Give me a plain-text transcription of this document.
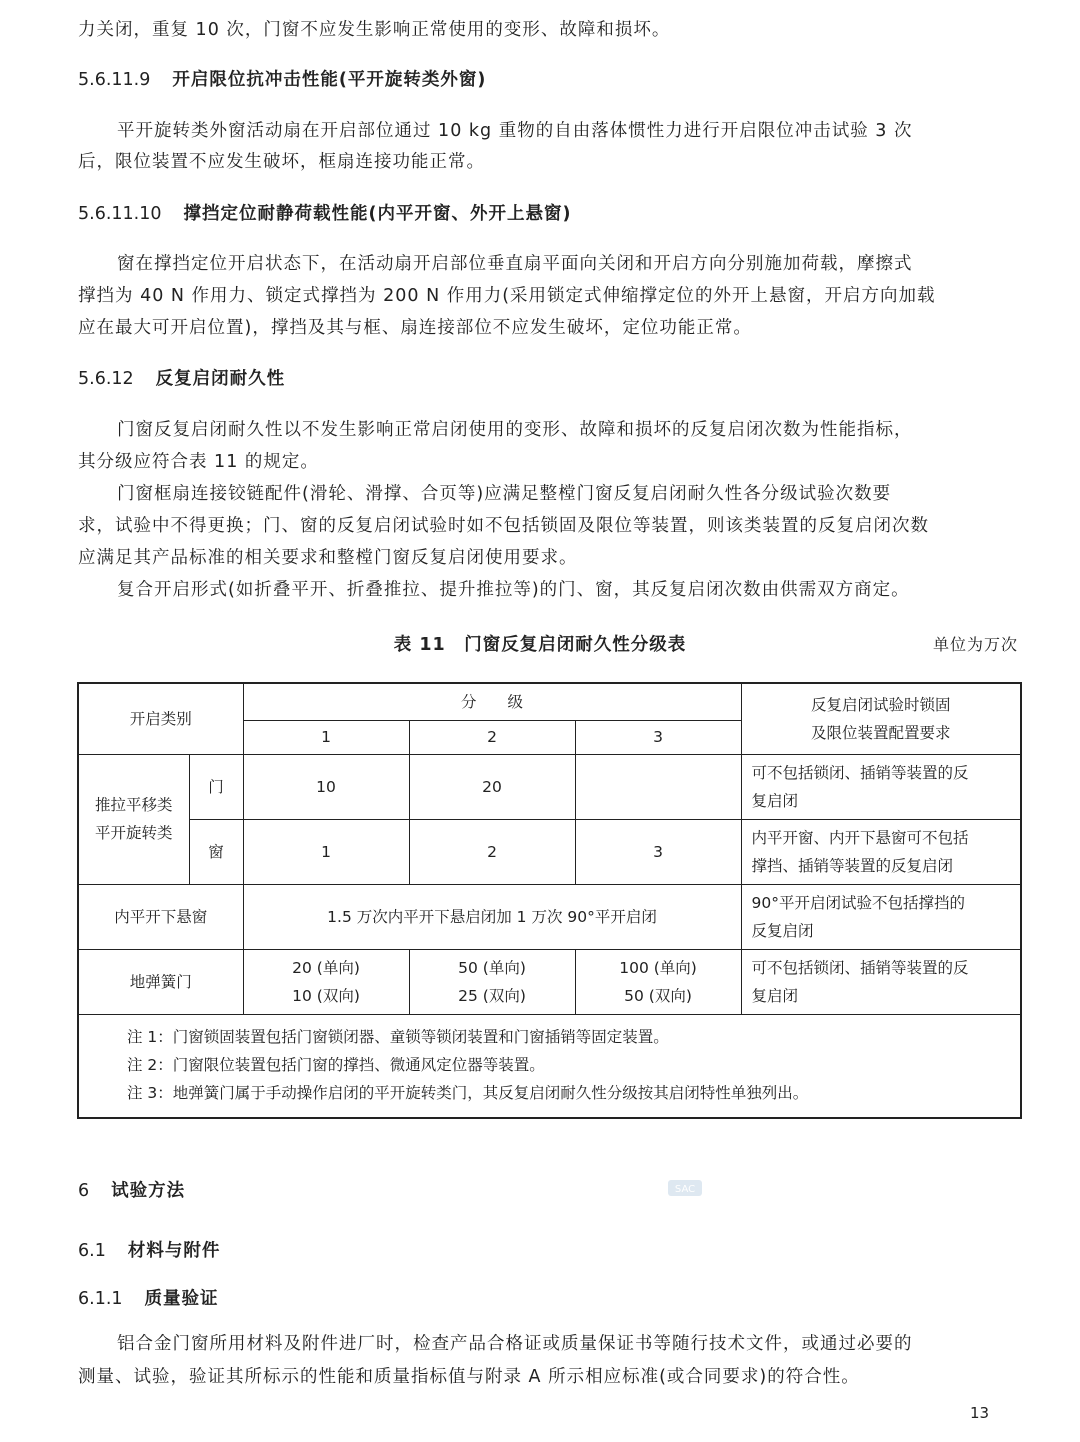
力关闭，重复 10 次，门窗不应发生影响正常使用的变形、故障和损坏。
5.6.11.9 开启限位抗冲击性能(平开旋转类外窗)
平开旋转类外窗活动扇在开启部位通过 10 kg 重物的自由落体惯性力进行开启限位冲击试验 3 次
后，限位装置不应发生破坏，框扇连接功能正常。
5.6.11.10 撑挡定位耐静荷载性能(内平开窗、外开上悬窗)
窗在撑挡定位开启状态下，在活动扇开启部位垂直扇平面向关闭和开启方向分别施加荷载，摩擦式
撑挡为 40 N 作用力、锁定式撑挡为 200 N 作用力(采用锁定式伸缩撑定位的外开上悬窗，开启方向加载
应在最大可开启位置)，撑挡及其与框、扇连接部位不应发生破坏，定位功能正常。
5.6.12 反复启闭耐久性
门窗反复启闭耐久性以不发生影响正常启闭使用的变形、故障和损坏的反复启闭次数为性能指标，
其分级应符合表 11 的规定。
门窗框扇连接铰链配件(滑轮、滑撑、合页等)应满足整樘门窗反复启闭耐久性各分级试验次数要
求，试验中不得更换；门、窗的反复启闭试验时如不包括锁固及限位等装置，则该类装置的反复启闭次数
应满足其产品标准的相关要求和整樘门窗反复启闭使用要求。
复合开启形式(如折叠平开、折叠推拉、提升推拉等)的门、窗，其反复启闭次数由供需双方商定。
表 11　门窗反复启闭耐久性分级表	单位为万次
开启类别		分　　级			反复启闭试验时锁固
及限位装置配置要求
		1	2	3	
推拉平移类
平开旋转类	门	10	20		可不包括锁闭、插销等装置的反
复启闭
	窗	1	2	3	内平开窗、内开下悬窗可不包括
撑挡、插销等装置的反复启闭
内平开下悬窗		1.5 万次内平开下悬启闭加 1 万次 90°平开启闭			90°平开启闭试验不包括撑挡的
反复启闭
地弹簧门		20 (单向)
10 (双向)	50 (单向)
25 (双向)	100 (单向)
50 (双向)	可不包括锁闭、插销等装置的反
复启闭

注 1：门窗锁固装置包括门窗锁闭器、童锁等锁闭装置和门窗插销等固定装置。
注 2：门窗限位装置包括门窗的撑挡、微通风定位器等装置。
注 3：地弹簧门属于手动操作启闭的平开旋转类门，其反复启闭耐久性分级按其启闭特性单独列出。					
6 试验方法	SAC
6.1 材料与附件
6.1.1 质量验证
铝合金门窗所用材料及附件进厂时，检查产品合格证或质量保证书等随行技术文件，或通过必要的
测量、试验，验证其所标示的性能和质量指标值与附录 A 所示相应标准(或合同要求)的符合性。
13
